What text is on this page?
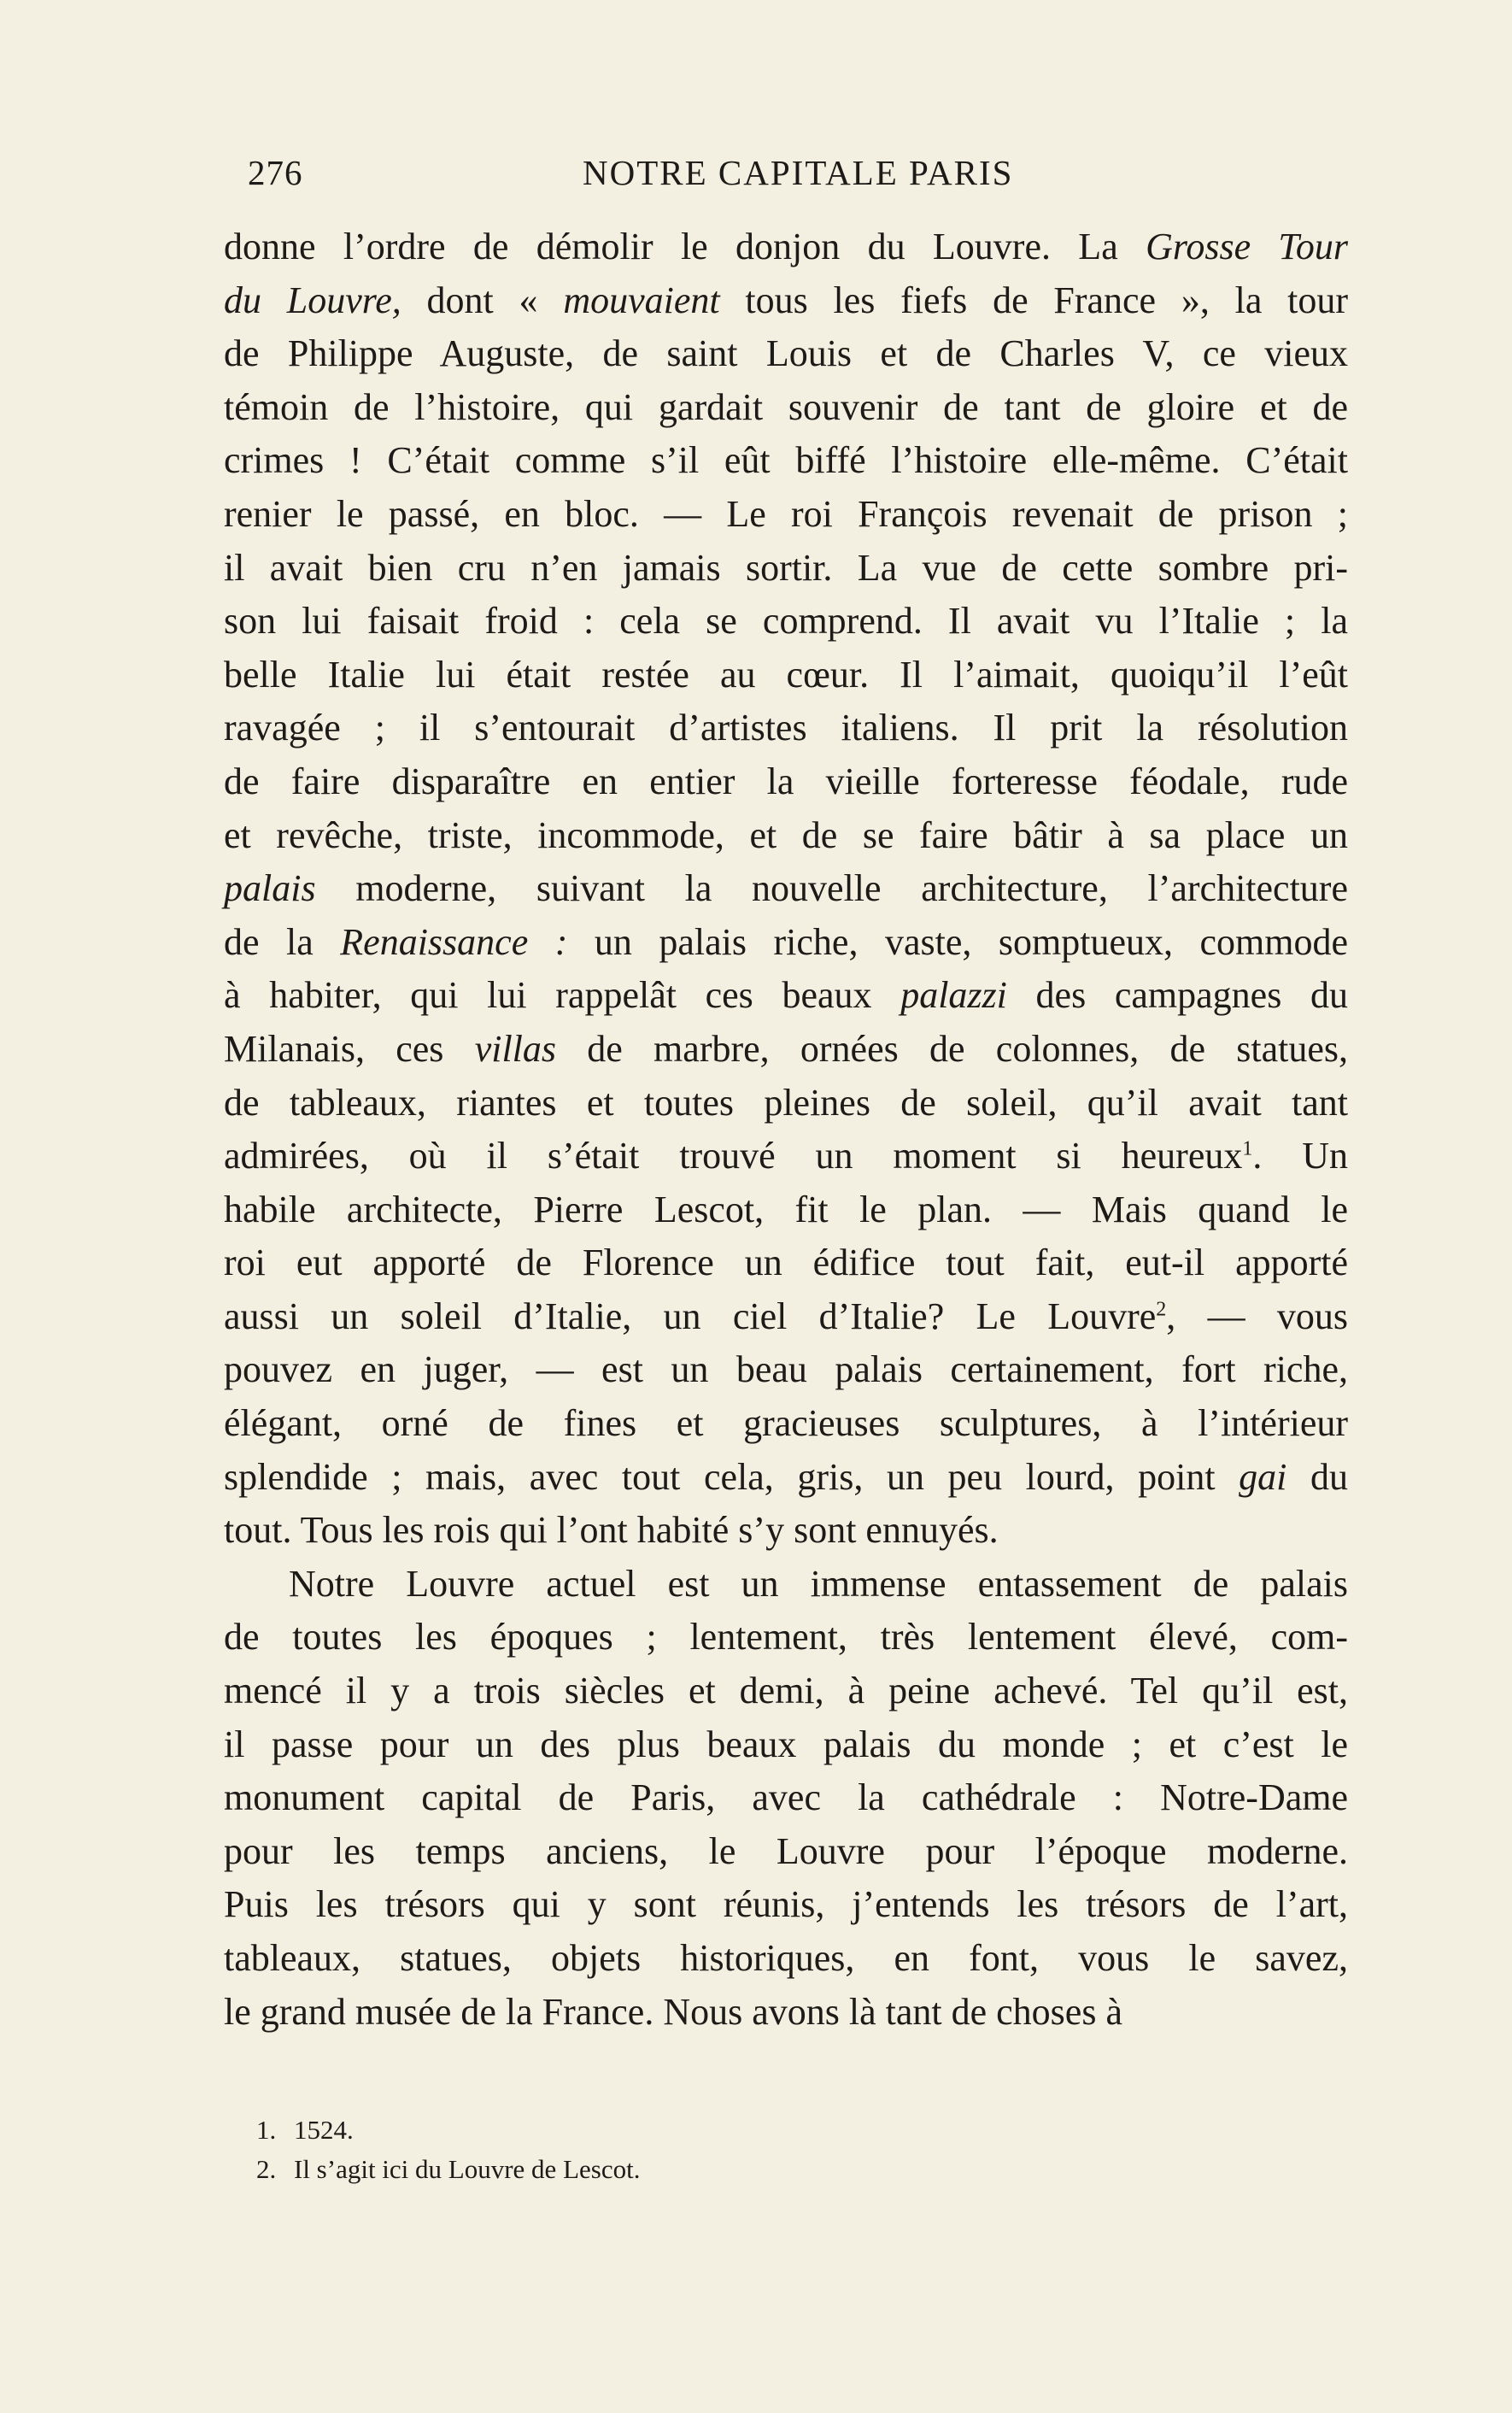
276	NOTRE CAPITALE PARIS
donne l’ordre de démolir le donjon du Louvre. La Grosse Tour
du Louvre, dont « mouvaient tous les fiefs de France », la tour
de Philippe Auguste, de saint Louis et de Charles V, ce vieux
témoin de l’histoire, qui gardait souvenir de tant de gloire et de
crimes ! C’était comme s’il eût biffé l’histoire elle-même. C’était
renier le passé, en bloc. — Le roi François revenait de prison ;
il avait bien cru n’en jamais sortir. La vue de cette sombre pri-
son lui faisait froid : cela se comprend. Il avait vu l’Italie ; la
belle Italie lui était restée au cœur. Il l’aimait, quoiqu’il l’eût
ravagée ; il s’entourait d’artistes italiens. Il prit la résolution
de faire disparaître en entier la vieille forteresse féodale, rude
et revêche, triste, incommode, et de se faire bâtir à sa place un
palais moderne, suivant la nouvelle architecture, l’architecture
de la Renaissance : un palais riche, vaste, somptueux, commode
à habiter, qui lui rappelât ces beaux palazzi des campagnes du
Milanais, ces villas de marbre, ornées de colonnes, de statues,
de tableaux, riantes et toutes pleines de soleil, qu’il avait tant
admirées, où il s’était trouvé un moment si heureux$^1$. Un
habile architecte, Pierre Lescot, fit le plan. — Mais quand le
roi eut apporté de Florence un édifice tout fait, eut-il apporté
aussi un soleil d’Italie, un ciel d’Italie? Le Louvre$^2$, — vous
pouvez en juger, — est un beau palais certainement, fort riche,
élégant, orné de fines et gracieuses sculptures, à l’intérieur
splendide ; mais, avec tout cela, gris, un peu lourd, point gai du
tout. Tous les rois qui l’ont habité s’y sont ennuyés.
Notre Louvre actuel est un immense entassement de palais
de toutes les époques ; lentement, très lentement élevé, com-
mencé il y a trois siècles et demi, à peine achevé. Tel qu’il est,
il passe pour un des plus beaux palais du monde ; et c’est le
monument capital de Paris, avec la cathédrale : Notre-Dame
pour les temps anciens, le Louvre pour l’époque moderne.
Puis les trésors qui y sont réunis, j’entends les trésors de l’art,
tableaux, statues, objets historiques, en font, vous le savez,
le grand musée de la France. Nous avons là tant de choses à
1. 1524.
2. Il s’agit ici du Louvre de Lescot.
